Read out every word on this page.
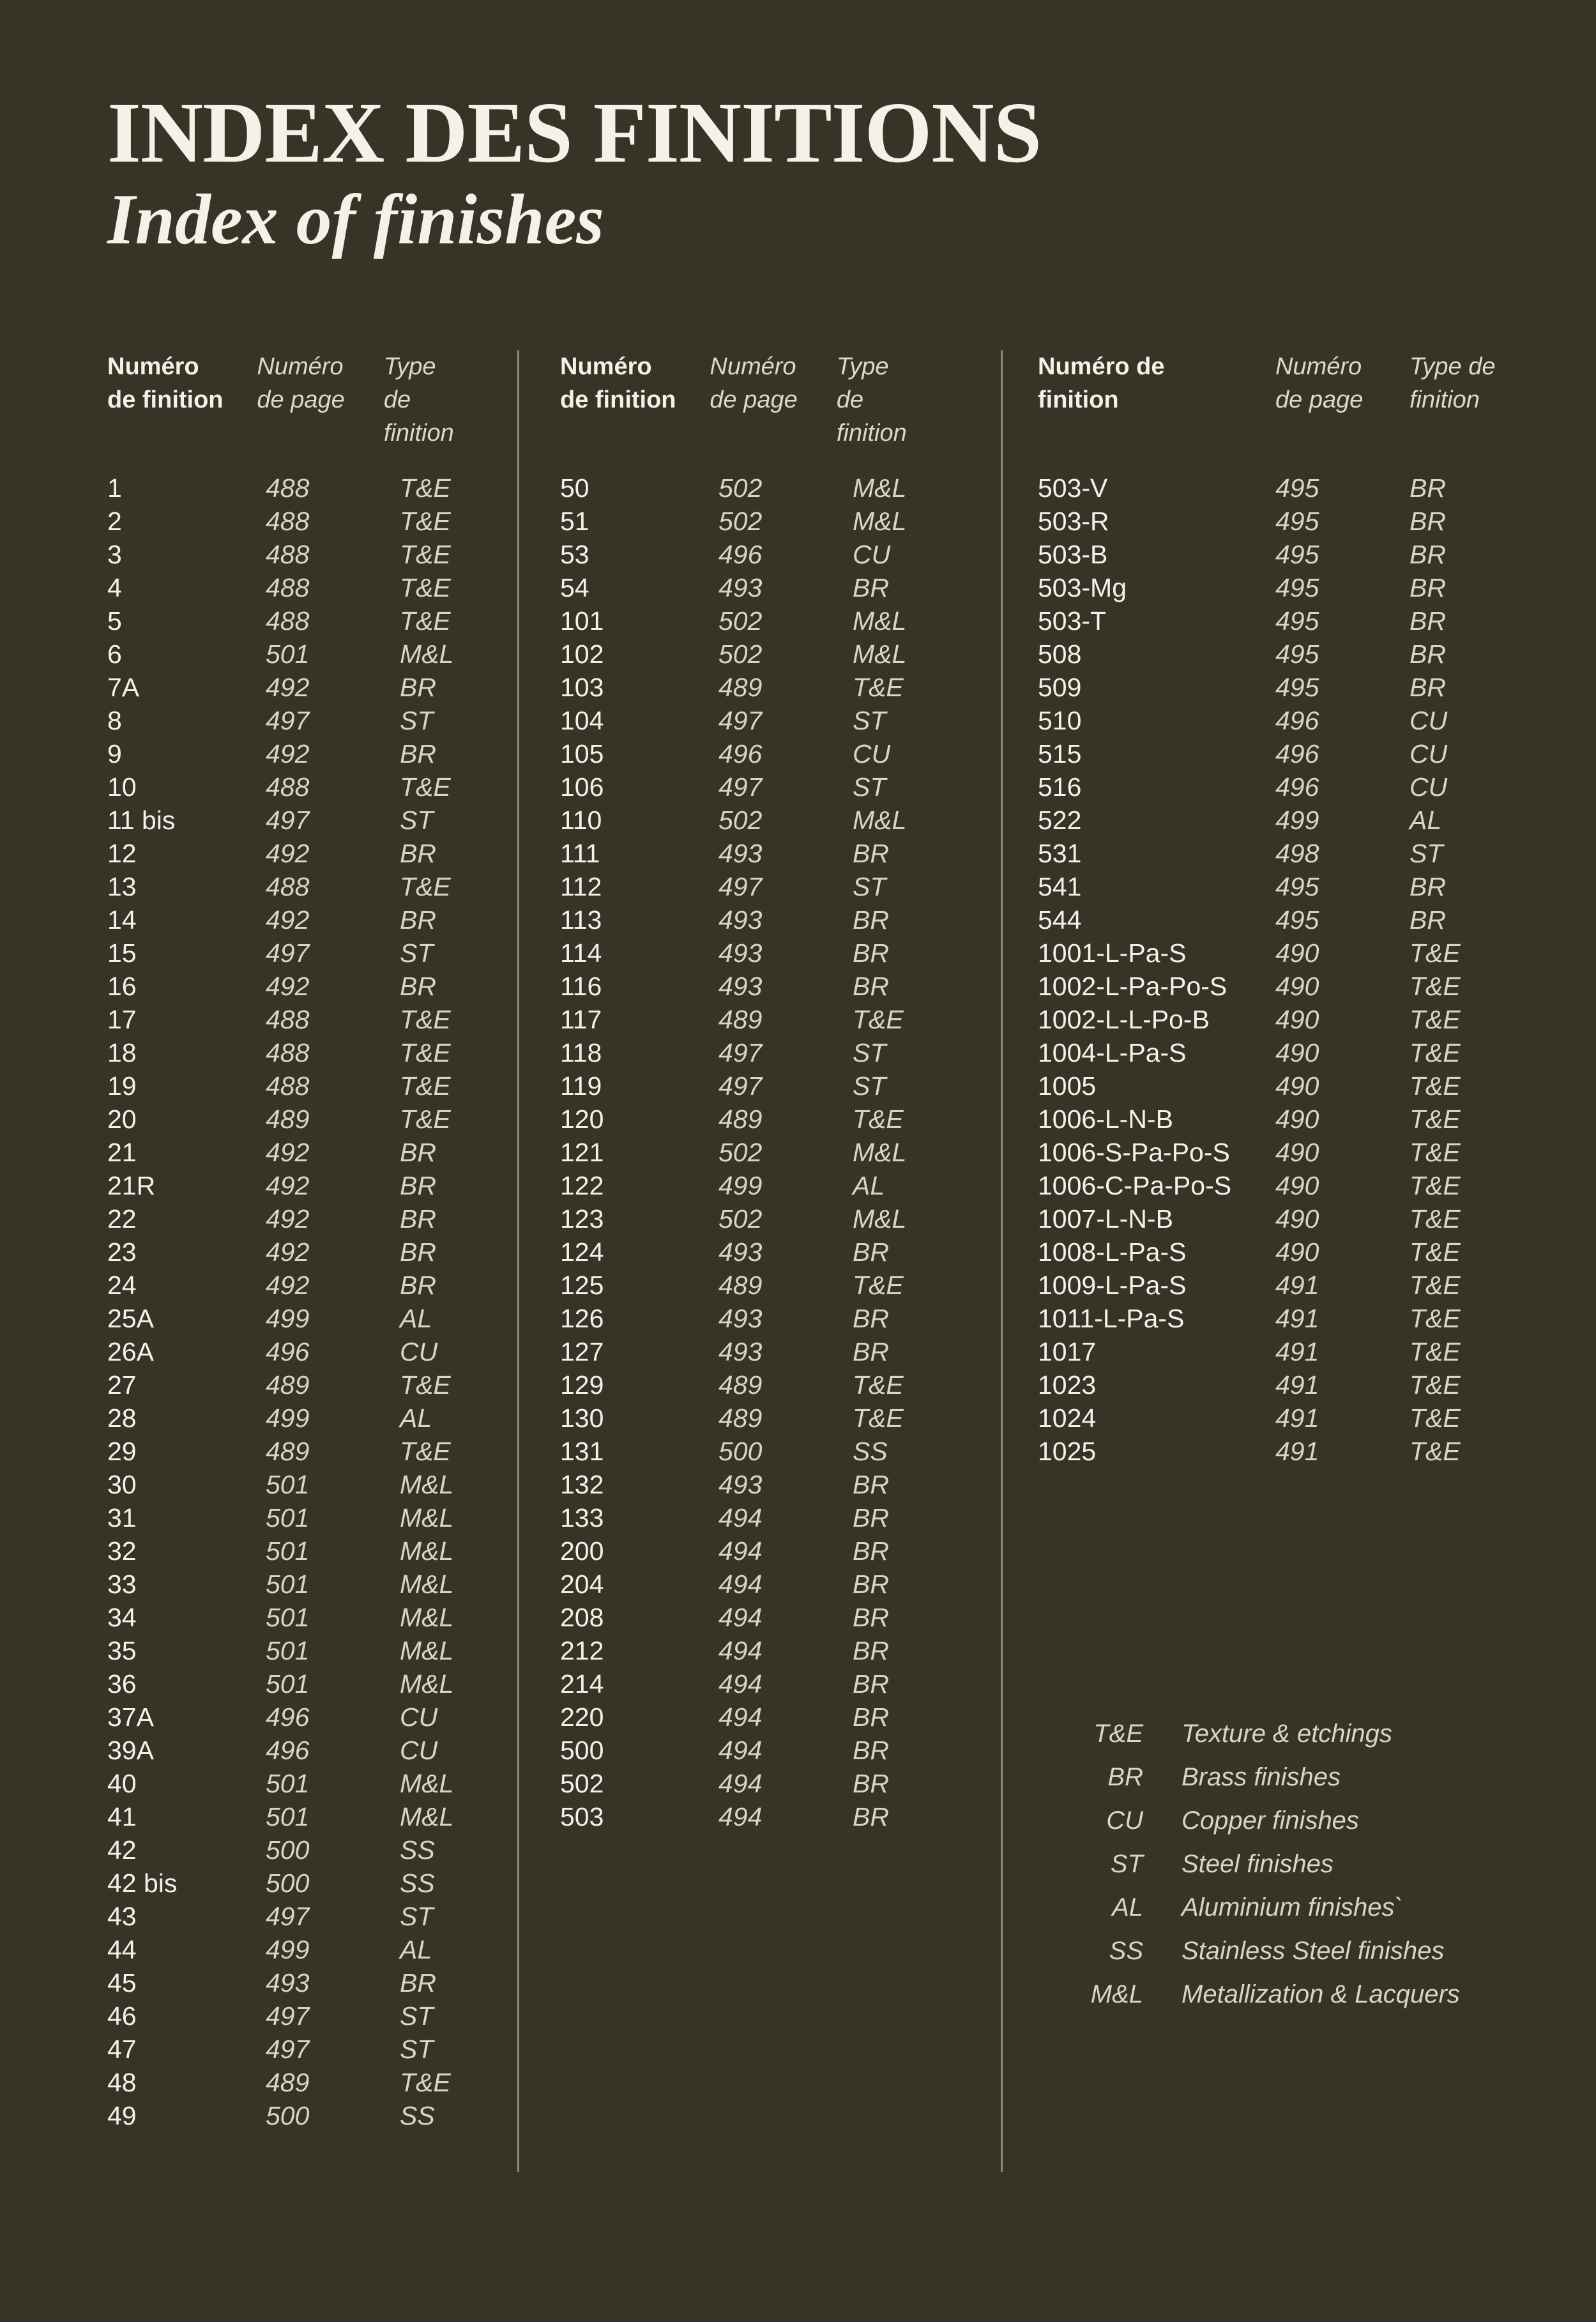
INDEX DES FINITIONS
Index of finishes
Numéro
de finition
Numéro
de page
Type de
finition
1	488	T&E
2	488	T&E
3	488	T&E
4	488	T&E
5	488	T&E
6	501	M&L
7A	492	BR
8	497	ST
9	492	BR
10	488	T&E
11 bis	497	ST
12	492	BR
13	488	T&E
14	492	BR
15	497	ST
16	492	BR
17	488	T&E
18	488	T&E
19	488	T&E
20	489	T&E
21	492	BR
21R	492	BR
22	492	BR
23	492	BR
24	492	BR
25A	499	AL
26A	496	CU
27	489	T&E
28	499	AL
29	489	T&E
30	501	M&L
31	501	M&L
32	501	M&L
33	501	M&L
34	501	M&L
35	501	M&L
36	501	M&L
37A	496	CU
39A	496	CU
40	501	M&L
41	501	M&L
42	500	SS
42 bis	500	SS
43	497	ST
44	499	AL
45	493	BR
46	497	ST
47	497	ST
48	489	T&E
49	500	SS
Numéro
de finition
Numéro
de page
Type de
finition
50	502	M&L
51	502	M&L
53	496	CU
54	493	BR
101	502	M&L
102	502	M&L
103	489	T&E
104	497	ST
105	496	CU
106	497	ST
110	502	M&L
111	493	BR
112	497	ST
113	493	BR
114	493	BR
116	493	BR
117	489	T&E
118	497	ST
119	497	ST
120	489	T&E
121	502	M&L
122	499	AL
123	502	M&L
124	493	BR
125	489	T&E
126	493	BR
127	493	BR
129	489	T&E
130	489	T&E
131	500	SS
132	493	BR
133	494	BR
200	494	BR
204	494	BR
208	494	BR
212	494	BR
214	494	BR
220	494	BR
500	494	BR
502	494	BR
503	494	BR
Numéro de
finition
Numéro
de page
Type de
finition
503-V	495	BR
503-R	495	BR
503-B	495	BR
503-Mg	495	BR
503-T	495	BR
508	495	BR
509	495	BR
510	496	CU
515	496	CU
516	496	CU
522	499	AL
531	498	ST
541	495	BR
544	495	BR
1001-L-Pa-S	490	T&E
1002-L-Pa-Po-S	490	T&E
1002-L-L-Po-B	490	T&E
1004-L-Pa-S	490	T&E
1005	490	T&E
1006-L-N-B	490	T&E
1006-S-Pa-Po-S	490	T&E
1006-C-Pa-Po-S	490	T&E
1007-L-N-B	490	T&E
1008-L-Pa-S	490	T&E
1009-L-Pa-S	491	T&E
1011-L-Pa-S	491	T&E
1017	491	T&E
1023	491	T&E
1024	491	T&E
1025	491	T&E
T&E	Texture & etchings
BR	Brass finishes
CU	Copper finishes
ST	Steel finishes
AL	Aluminium finishes`
SS	Stainless Steel finishes
M&L	Metallization & Lacquers
